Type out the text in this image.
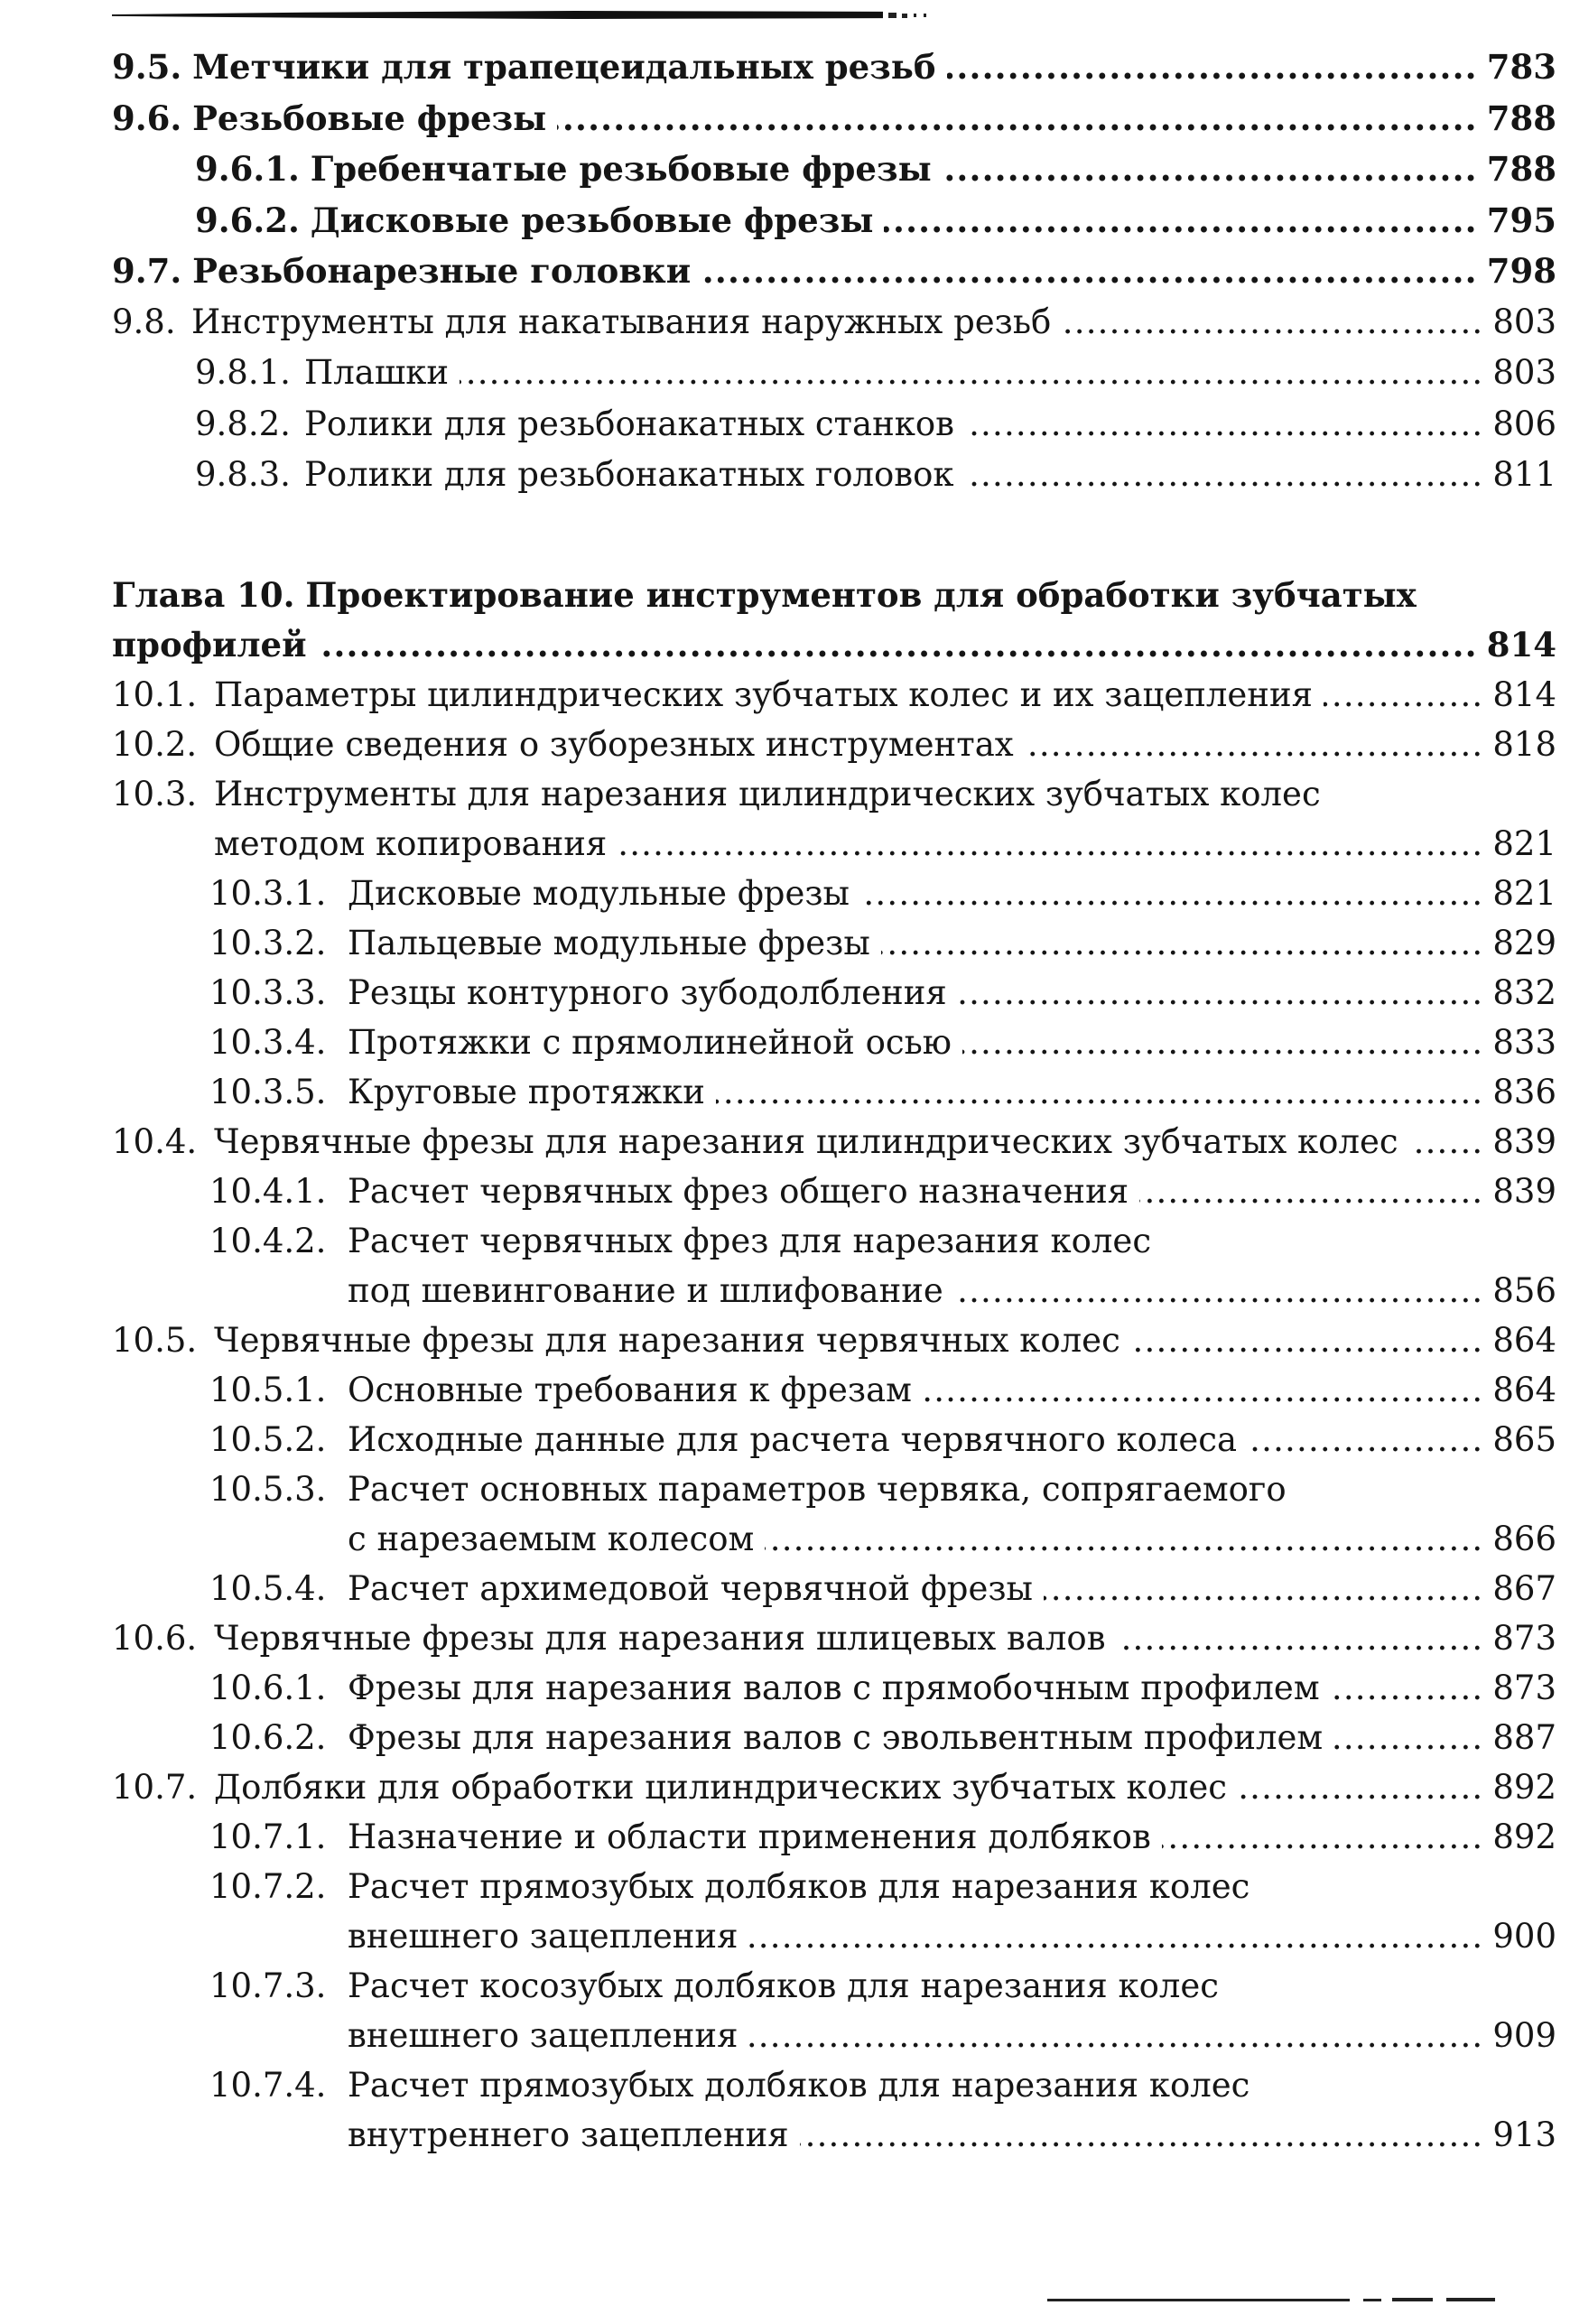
9.5. Метчики для трапецеидальных резьб .....	783
9.6. Резьбовые фрезы .....	788
9.6.1. Гребенчатые резьбовые фрезы .....	788
9.6.2. Дисковые резьбовые фрезы .....	795
9.7. Резьбонарезные головки .....	798
9.8. Инструменты для накатывания наружных резьб .....	803
9.8.1. Плашки .....	803
9.8.2. Ролики для резьбонакатных станков .....	806
9.8.3. Ролики для резьбонакатных головок .....	811
Глава 10. Проектирование инструментов для обработки зубчатых
профилей .....	814
10.1. Параметры цилиндрических зубчатых колес и их зацепления .....	814
10.2. Общие сведения о зуборезных инструментах .....	818
10.3. Инструменты для нарезания цилиндрических зубчатых колес
методом копирования .....	821
10.3.1. Дисковые модульные фрезы .....	821
10.3.2. Пальцевые модульные фрезы .....	829
10.3.3. Резцы контурного зубодолбления .....	832
10.3.4. Протяжки с прямолинейной осью .....	833
10.3.5. Круговые протяжки .....	836
10.4. Червячные фрезы для нарезания цилиндрических зубчатых колес .....	839
10.4.1. Расчет червячных фрез общего назначения .....	839
10.4.2. Расчет червячных фрез для нарезания колес
под шевингование и шлифование .....	856
10.5. Червячные фрезы для нарезания червячных колес .....	864
10.5.1. Основные требования к фрезам .....	864
10.5.2. Исходные данные для расчета червячного колеса .....	865
10.5.3. Расчет основных параметров червяка, сопрягаемого
с нарезаемым колесом .....	866
10.5.4. Расчет архимедовой червячной фрезы .....	867
10.6. Червячные фрезы для нарезания шлицевых валов .....	873
10.6.1. Фрезы для нарезания валов с прямобочным профилем .....	873
10.6.2. Фрезы для нарезания валов с эвольвентным профилем .....	887
10.7. Долбяки для обработки цилиндрических зубчатых колес .....	892
10.7.1. Назначение и области применения долбяков .....	892
10.7.2. Расчет прямозубых долбяков для нарезания колес
внешнего зацепления .....	900
10.7.3. Расчет косозубых долбяков для нарезания колес
внешнего зацепления .....	909
10.7.4. Расчет прямозубых долбяков для нарезания колес
внутреннего зацепления .....	913
